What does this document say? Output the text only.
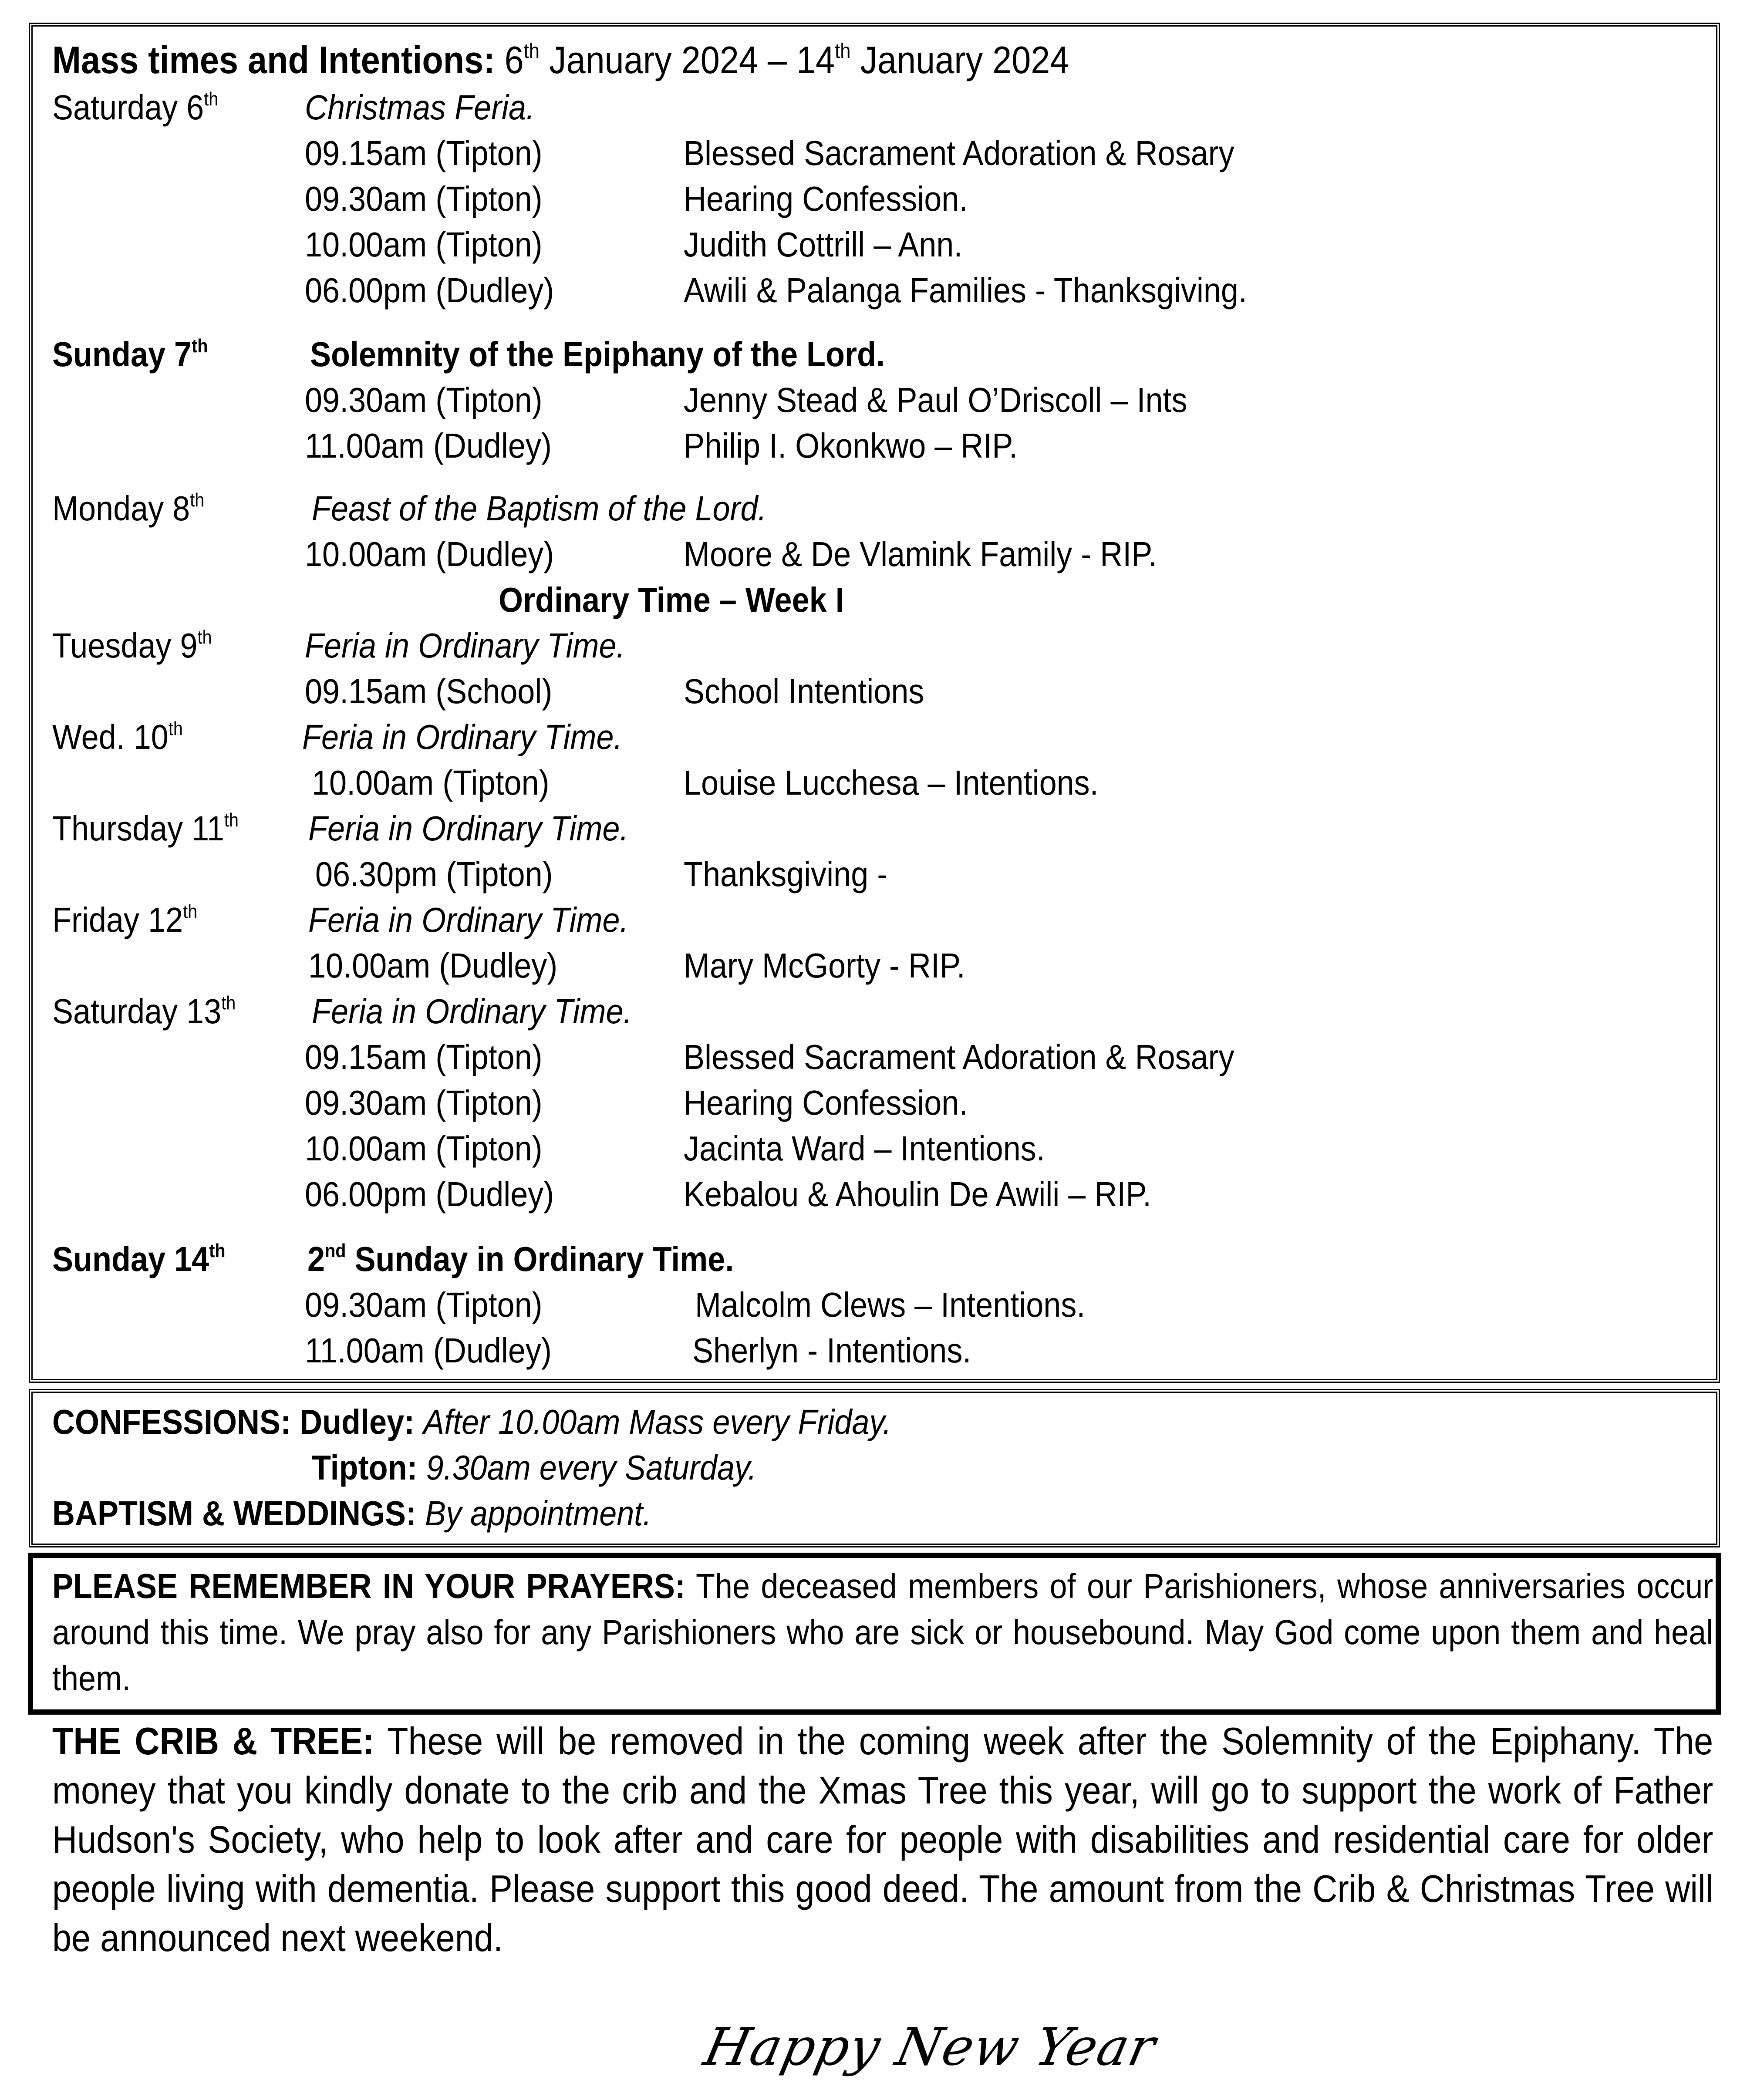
Mass times and Intentions: 6th January 2024 – 14th January 2024
Saturday 6th Christmas Feria.
09.15am (Tipton)	Blessed Sacrament Adoration & Rosary
09.30am (Tipton)	Hearing Confession.
10.00am (Tipton)	Judith Cottrill – Ann.
06.00pm (Dudley)	Awili & Palanga Families - Thanksgiving.
Sunday 7th	Solemnity of the Epiphany of the Lord.
09.30am (Tipton)	Jenny Stead & Paul O’Driscoll – Ints
11.00am (Dudley)	Philip I. Okonkwo – RIP.
Monday 8th	Feast of the Baptism of the Lord.
10.00am (Dudley)	Moore & De Vlamink Family - RIP.
Ordinary Time – Week I
Tuesday 9th	Feria in Ordinary Time.
09.15am (School)	School Intentions
Wed. 10th	Feria in Ordinary Time.
10.00am (Tipton)	Louise Lucchesa – Intentions.
Thursday 11th Feria in Ordinary Time.
06.30pm (Tipton)	Thanksgiving -
Friday 12th	Feria in Ordinary Time.
10.00am (Dudley)	Mary McGorty - RIP.
Saturday 13th Feria in Ordinary Time.
09.15am (Tipton)	Blessed Sacrament Adoration & Rosary
09.30am (Tipton)	Hearing Confession.
10.00am (Tipton)	Jacinta Ward – Intentions.
06.00pm (Dudley)	Kebalou & Ahoulin De Awili – RIP.
Sunday 14th 2nd Sunday in Ordinary Time.
09.30am (Tipton)	Malcolm Clews – Intentions.
11.00am (Dudley)	Sherlyn - Intentions.
CONFESSIONS: Dudley: After 10.00am Mass every Friday.
Tipton: 9.30am every Saturday.
BAPTISM & WEDDINGS: By appointment.
PLEASE REMEMBER IN YOUR PRAYERS: The deceased members of our Parishioners, whose anniversaries occur around this time. We pray also for any Parishioners who are sick or housebound. May God come upon them and heal them.
THE CRIB & TREE: These will be removed in the coming week after the Solemnity of the Epiphany. The money that you kindly donate to the crib and the Xmas Tree this year, will go to support the work of Father Hudson's Society, who help to look after and care for people with disabilities and residential care for older people living with dementia. Please support this good deed. The amount from the Crib & Christmas Tree will be announced next weekend.
Happy New Year
